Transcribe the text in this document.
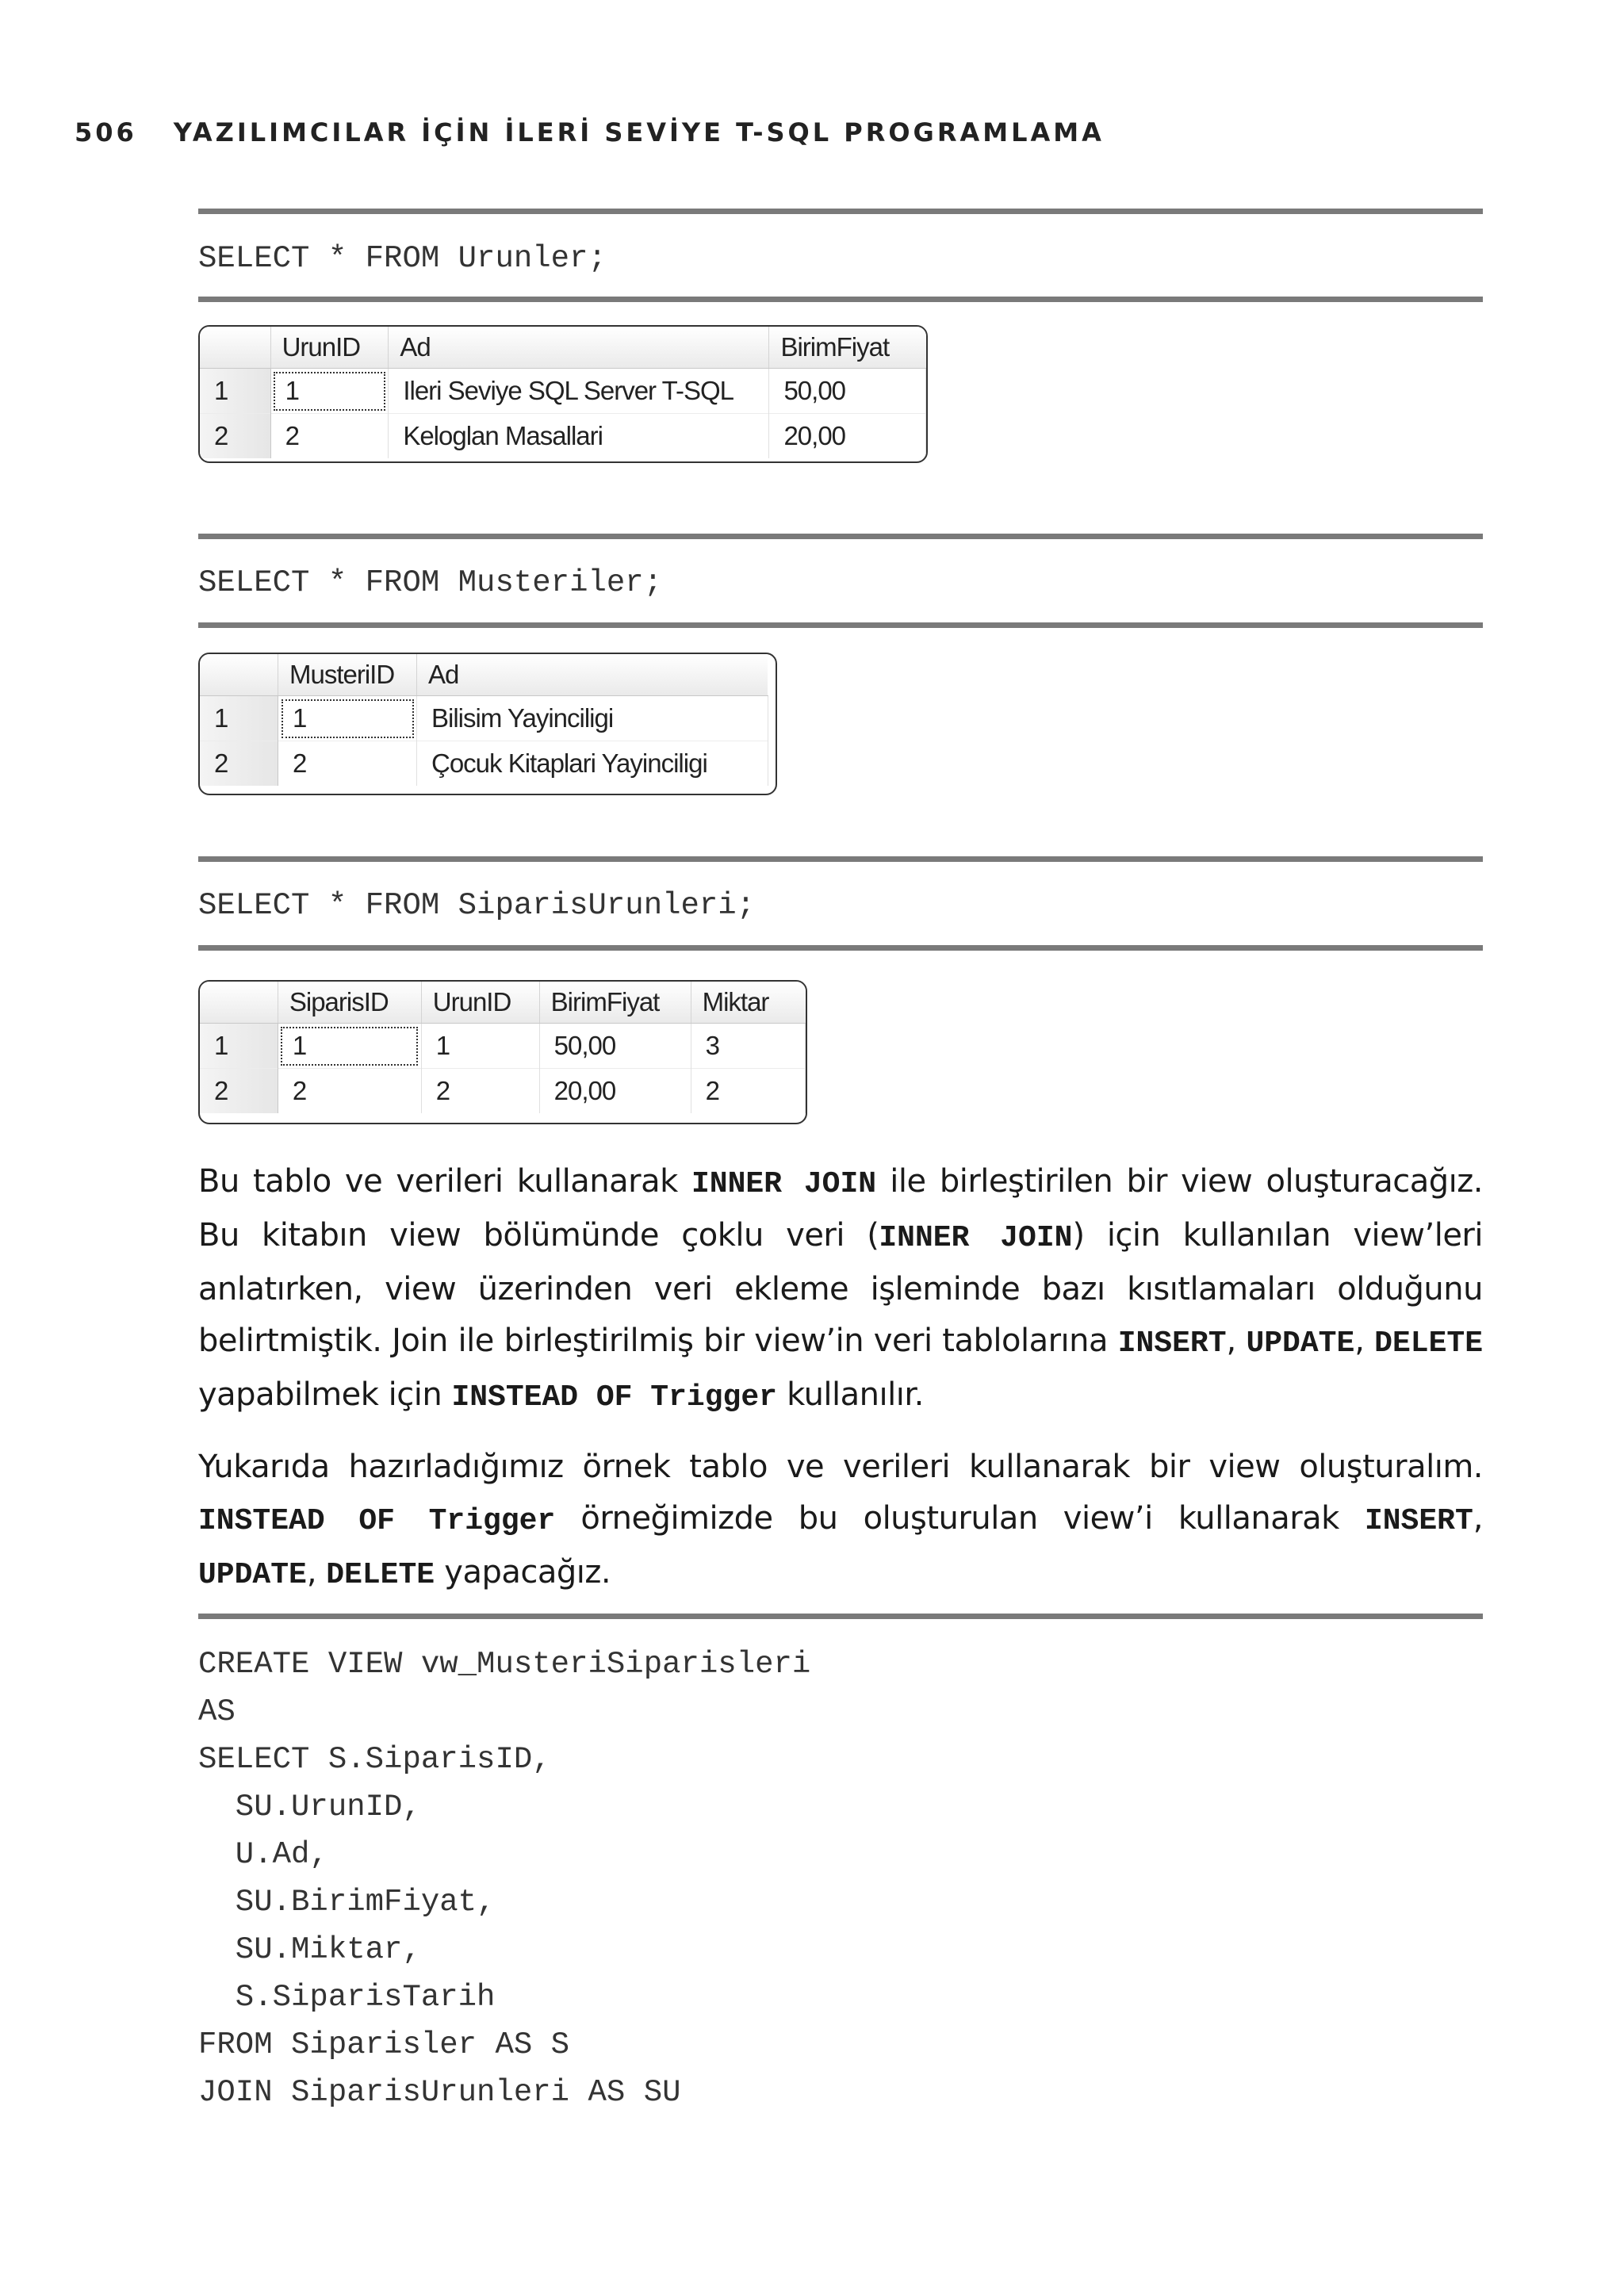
506 YAZILIMCILAR İÇİN İLERİ SEVİYE T-SQL PROGRAMLAMA
SELECT * FROM Urunler;
	UrunID	Ad	BirimFiyat
1	1	Ileri Seviye SQL Server T-SQL	50,00
2	2	Keloglan Masallari	20,00
SELECT * FROM Musteriler;
	MusteriID	Ad
1	1	Bilisim Yayinciligi
2	2	Çocuk Kitaplari Yayinciligi
SELECT * FROM SiparisUrunleri;
	SiparisID	UrunID	BirimFiyat	Miktar
1	1	1	50,00	3
2	2	2	20,00	2

Bu tablo ve verileri kullanarak INNER JOIN ile birleştirilen bir view oluşturacağız. Bu kitabın view bölümünde çoklu veri (INNER JOIN) için kullanılan view’leri anlatırken, view üzerinden veri ekleme işleminde bazı kısıtlamaları olduğunu belirtmiştik. Join ile birleştirilmiş bir view’in veri tablolarına INSERT, UPDATE, DELETE yapabilmek için INSTEAD OF Trigger kullanılır.

Yukarıda hazırladığımız örnek tablo ve verileri kullanarak bir view oluşturalım. INSTEAD OF Trigger örneğimizde bu oluşturulan view’i kullanarak INSERT, UPDATE, DELETE yapacağız.

CREATE VIEW vw_MusteriSiparisleri
AS
SELECT S.SiparisID,
SU.UrunID,
U.Ad,
SU.BirimFiyat,
SU.Miktar,
S.SiparisTarih
FROM Siparisler AS S
JOIN SiparisUrunleri AS SU
